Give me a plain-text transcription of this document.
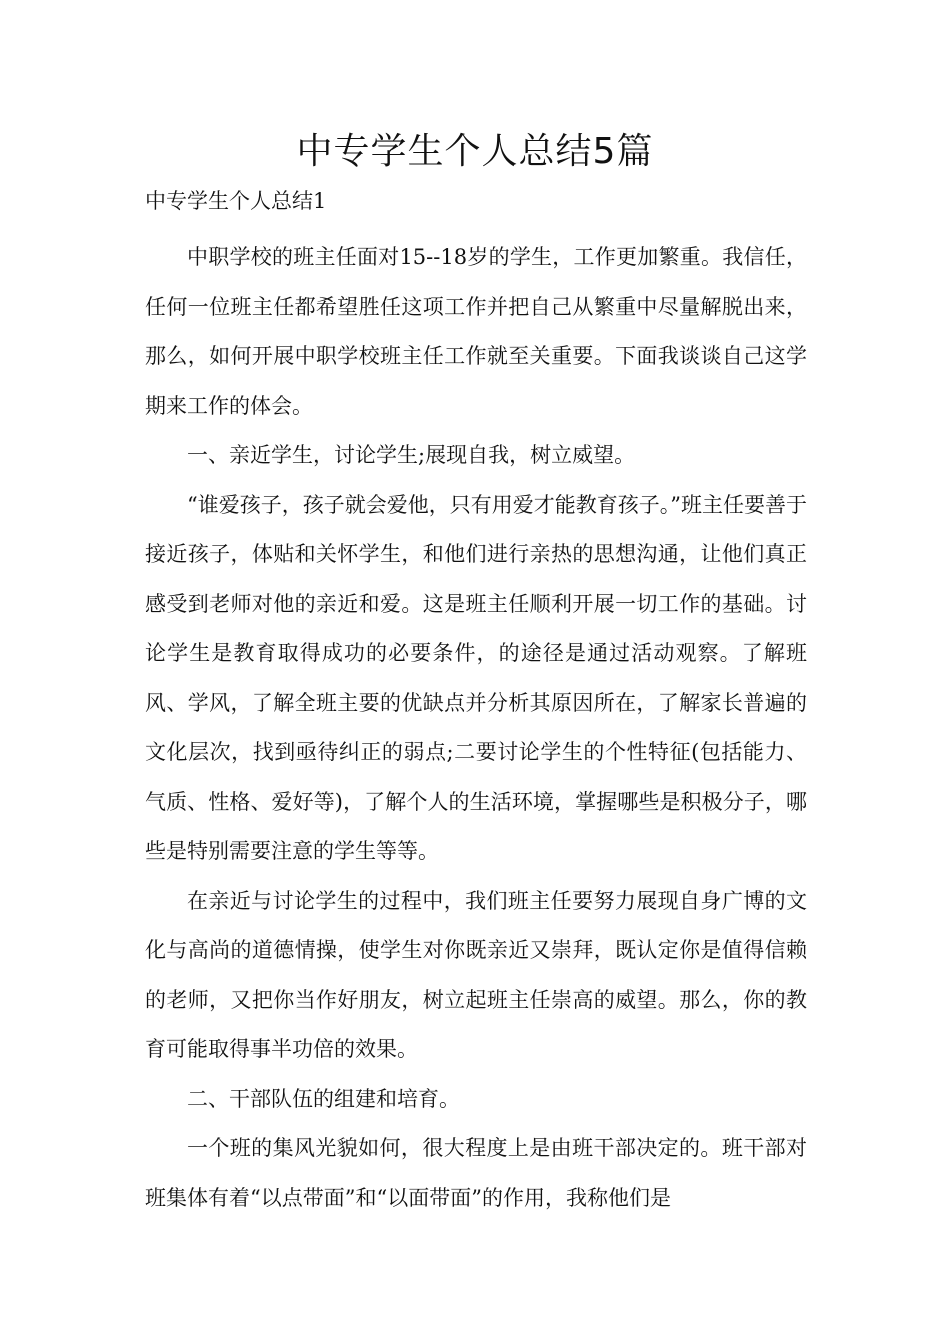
中专学生个人总结5篇
中专学生个人总结1

中职学校的班主任面对15--18岁的学生，工作更加繁重。我信任，任何一位班主任都希望胜任这项工作并把自己从繁重中尽量解脱出来，那么，如何开展中职学校班主任工作就至关重要。下面我谈谈自己这学期来工作的体会。

一、亲近学生，讨论学生;展现自我，树立威望。

“谁爱孩子，孩子就会爱他，只有用爱才能教育孩子。”班主任要善于接近孩子，体贴和关怀学生，和他们进行亲热的思想沟通，让他们真正感受到老师对他的亲近和爱。这是班主任顺利开展一切工作的基础。讨论学生是教育取得成功的必要条件，的途径是通过活动观察。了解班风、学风，了解全班主要的优缺点并分析其原因所在，了解家长普遍的文化层次，找到亟待纠正的弱点;二要讨论学生的个性特征(包括能力、气质、性格、爱好等)，了解个人的生活环境，掌握哪些是积极分子，哪些是特别需要注意的学生等等。

在亲近与讨论学生的过程中，我们班主任要努力展现自身广博的文化与高尚的道德情操，使学生对你既亲近又崇拜，既认定你是值得信赖的老师，又把你当作好朋友，树立起班主任崇高的威望。那么，你的教育可能取得事半功倍的效果。

二、干部队伍的组建和培育。

一个班的集风光貌如何，很大程度上是由班干部决定的。班干部对班集体有着“以点带面”和“以面带面”的作用，我称他们是
